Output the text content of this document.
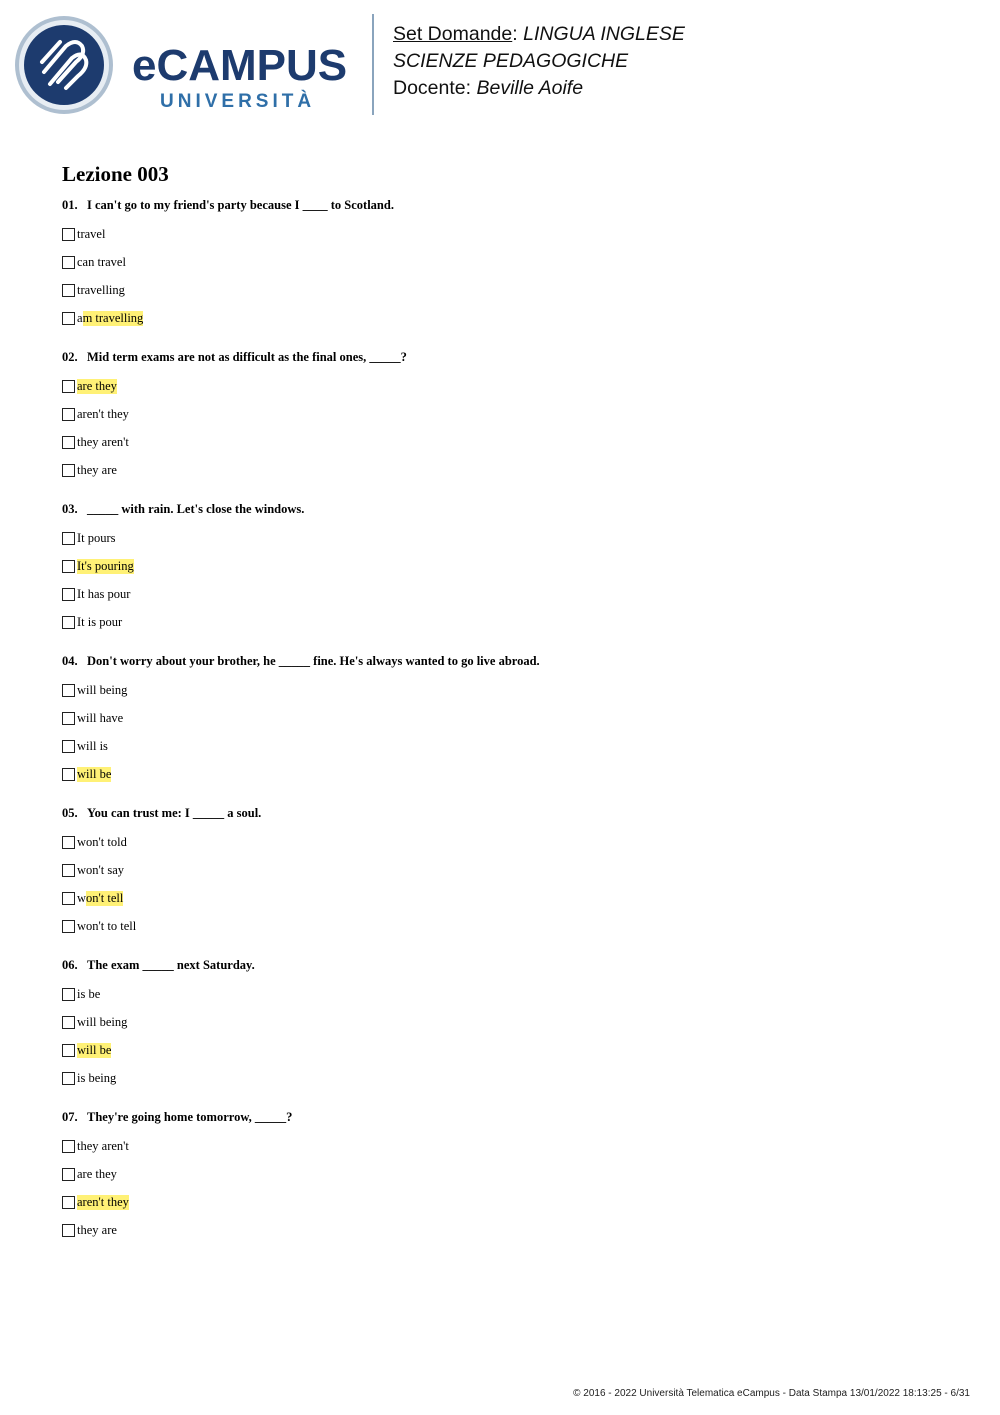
eCAMPUS
UNIVERSITÀ
Set Domande: LINGUA INGLESE
SCIENZE PEDAGOGICHE
Docente: Beville Aoife
Lezione 003
01. I can't go to my friend's party because I ____ to Scotland.
travel
can travel
travelling
a m travelling
02. Mid term exams are not as difficult as the final ones, _____?
are they
aren't they
they aren't
they are
03. _____ with rain. Let's close the windows.
It pours
It's pouring
It has pour
It is pour
04. Don't worry about your brother, he _____ fine. He's always wanted to go live abroad.
will being
will have
will is
will be
05. You can trust me: I _____ a soul.
won't told
won't say
w on't tell
won't to tell
06. The exam _____ next Saturday.
is be
will being
will be
is being
07. They're going home tomorrow, _____?
they aren't
are they
aren't they
they are
© 2016 - 2022 Università Telematica eCampus - Data Stampa 13/01/2022 18:13:25 - 6/31
